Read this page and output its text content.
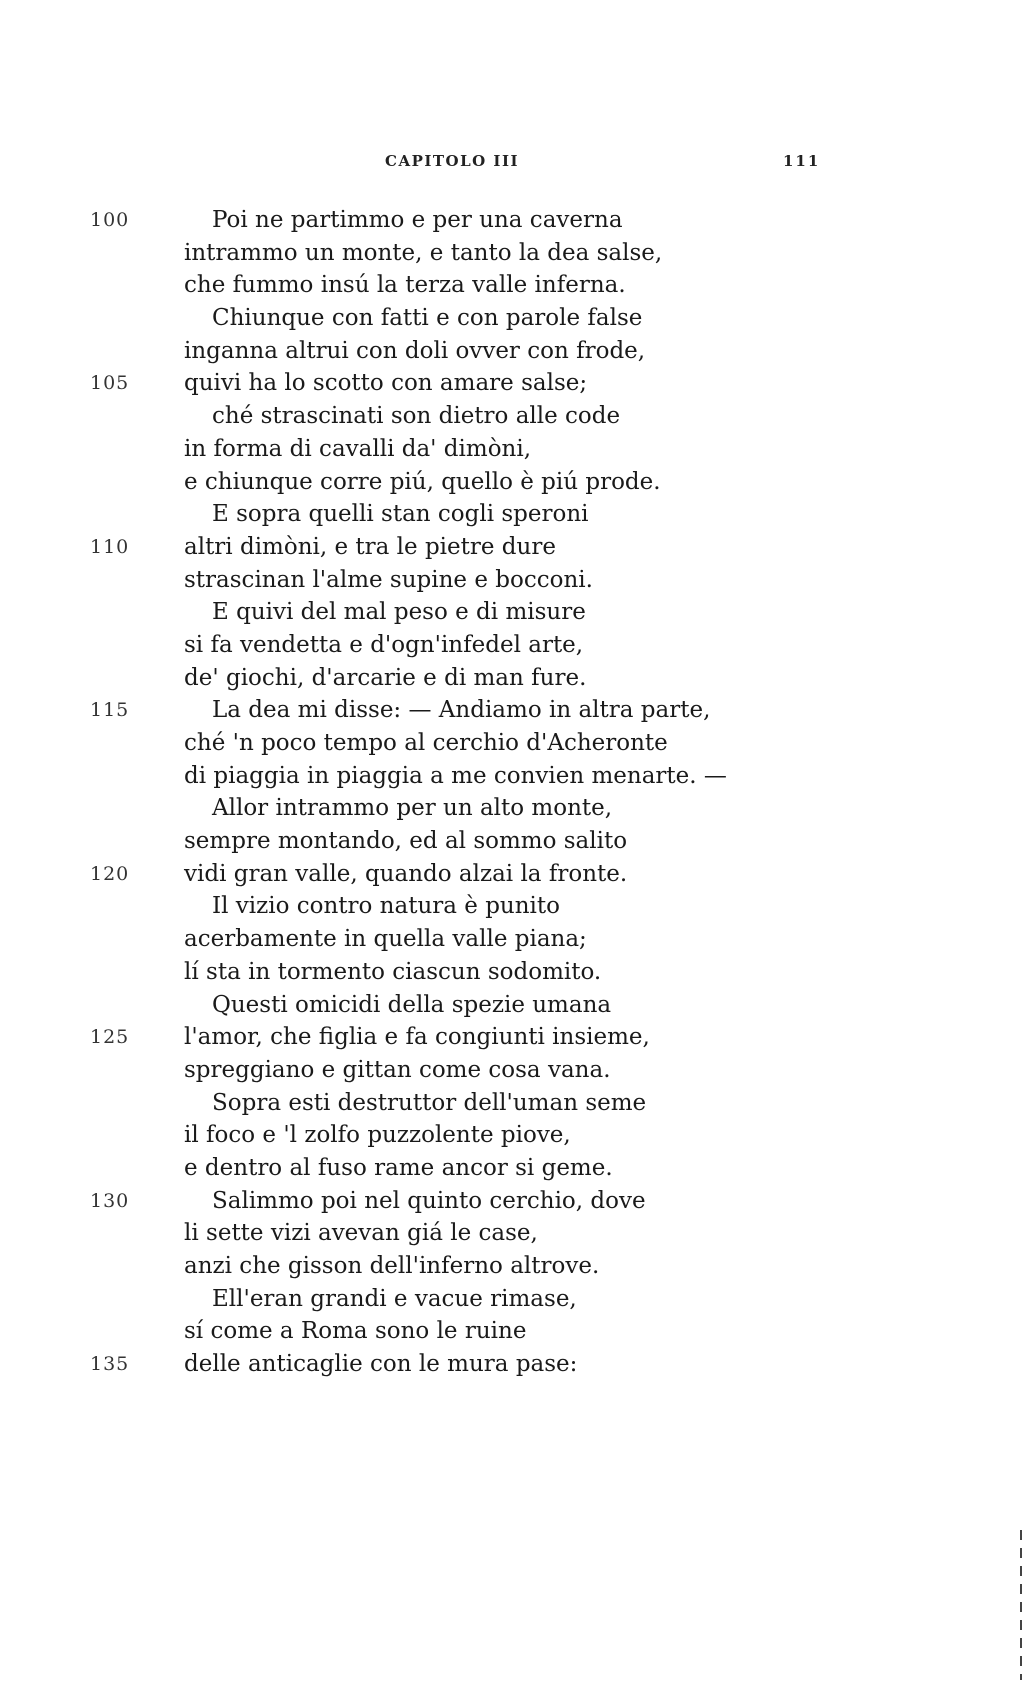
CAPITOLO III	111
100	Poi ne partimmo e per una caverna
intrammo un monte, e tanto la dea salse,
che fummo insú la terza valle inferna.
Chiunque con fatti e con parole false
inganna altrui con doli ovver con frode,
105 quivi ha lo scotto con amare salse;
ché strascinati son dietro alle code
in forma di cavalli da' dimòni,
e chiunque corre piú, quello è piú prode.
E sopra quelli stan cogli speroni
110 altri dimòni, e tra le pietre dure
strascinan l'alme supine e bocconi.
E quivi del mal peso e di misure
si fa vendetta e d'ogn'infedel arte,
de' giochi, d'arcarie e di man fure.
115	La dea mi disse: — Andiamo in altra parte,
ché 'n poco tempo al cerchio d'Acheronte
di piaggia in piaggia a me convien menarte. —
Allor intrammo per un alto monte,
sempre montando, ed al sommo salito
120 vidi gran valle, quando alzai la fronte.
Il vizio contro natura è punito
acerbamente in quella valle piana;
lí sta in tormento ciascun sodomito.
Questi omicidi della spezie umana
125 l'amor, che figlia e fa congiunti insieme,
spreggiano e gittan come cosa vana.
Sopra esti destruttor dell'uman seme
il foco e 'l zolfo puzzolente piove,
e dentro al fuso rame ancor si geme.
130	Salimmo poi nel quinto cerchio, dove
li sette vizi avevan giá le case,
anzi che gisson dell'inferno altrove.
Ell'eran grandi e vacue rimase,
sí come a Roma sono le ruine
135 delle anticaglie con le mura pase:
